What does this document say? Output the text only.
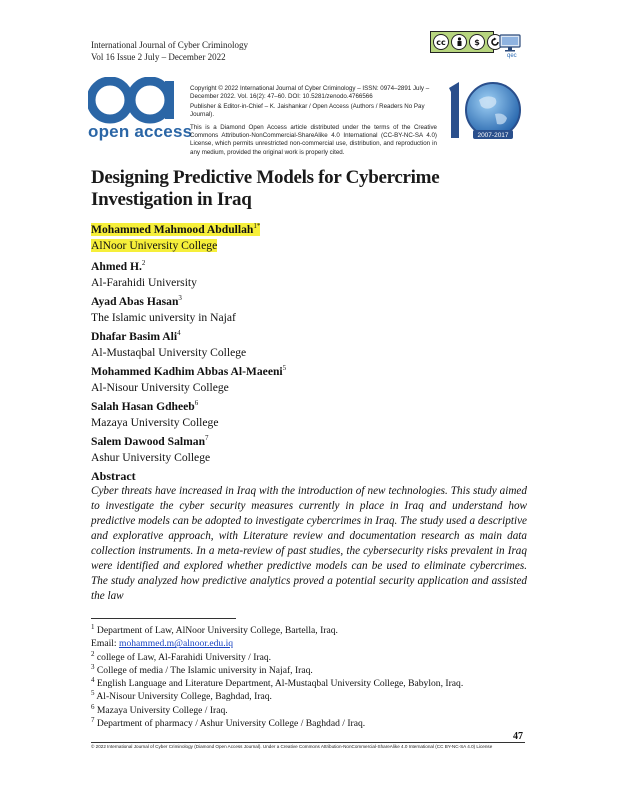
International Journal of Cyber Criminology
Vol 16 Issue 2 July – December 2022
cc	$
qec
open access

Copyright © 2022 International Journal of Cyber Criminology – ISSN: 0974–2891 July – December 2022. Vol. 16(2): 47–60. DOI: 10.5281/zenodo.4766566

Publisher & Editor-in-Chief – K. Jaishankar / Open Access (Authors / Readers No Pay Journal).

This is a Diamond Open Access article distributed under the terms of the Creative Commons Attribution-NonCommercial-ShareAlike 4.0 International (CC-BY-NC-SA 4.0) License, which permits unrestricted non-commercial use, distribution, and reproduction in any medium, provided the original work is properly cited.

2007-2017
Designing Predictive Models for Cybercrime Investigation in Iraq
Mohammed Mahmood Abdullah$^{1*}$
AlNoor University College
Ahmed H.$^2$
Al-Farahidi University
Ayad Abas Hasan$^3$
The Islamic university in Najaf
Dhafar Basim Ali$^4$
Al-Mustaqbal University College
Mohammed Kadhim Abbas Al-Maeeni$^5$
Al-Nisour University College
Salah Hasan Gdheeb$^6$
Mazaya University College
Salem Dawood Salman$^7$
Ashur University College
Abstract
Cyber threats have increased in Iraq with the introduction of new technologies. This study aimed to investigate the cyber security measures currently in place in Iraq and understand how predictive models can be adopted to investigate cybercrimes in Iraq. The study used a descriptive and explorative approach, with Literature review and documentation research as main data collection instruments. In a meta-review of past studies, the cybersecurity risks prevalent in Iraq were identified and explored whether predictive models can be used to eliminate cybercrimes. The study analyzed how predictive analytics proved a potential security application and assisted the law
$^1$ Department of Law, AlNoor University College, Bartella, Iraq.
Email: mohammed.m@alnoor.edu.iq
$^2$ college of Law, Al-Farahidi University / Iraq.
$^3$ College of media / The Islamic university in Najaf, Iraq.
$^4$ English Language and Literature Department, Al-Mustaqbal University College, Babylon, Iraq.
$^5$ Al-Nisour University College, Baghdad, Iraq.
$^6$ Mazaya University College / Iraq.
$^7$ Department of pharmacy / Ashur University College / Baghdad / Iraq.
47
© 2022 International Journal of Cyber Criminology (Diamond Open Access Journal). Under a Creative Commons Attribution-NonCommercial-ShareAlike 4.0 International (CC BY-NC-SA 4.0) License
